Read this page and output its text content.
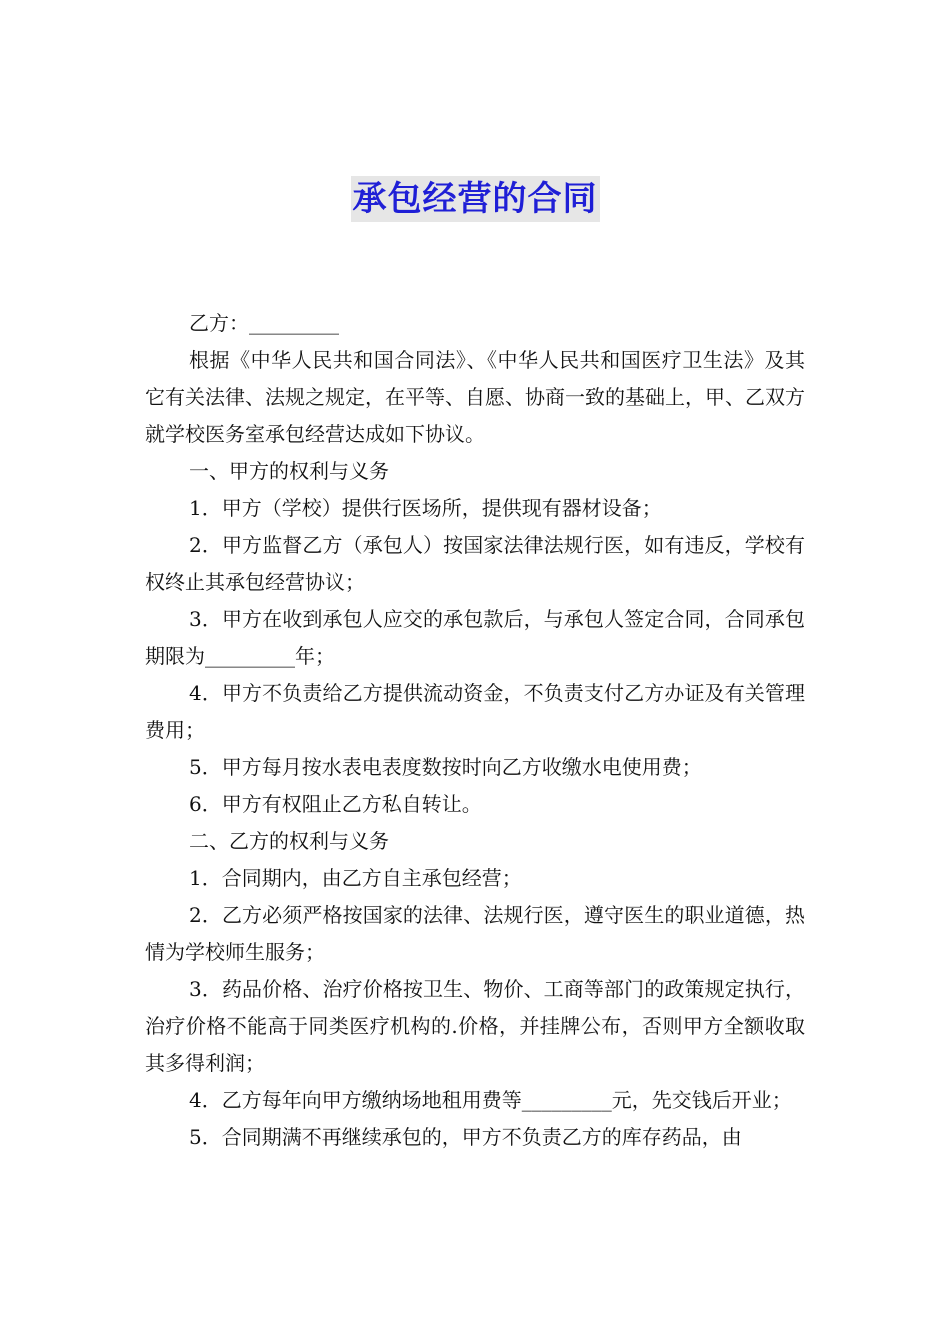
承包经营的合同

乙方：_________

根据《中华人民共和国合同法》、《中华人民共和国医疗卫生法》及其它有关法律、法规之规定，在平等、自愿、协商一致的基础上，甲、乙双方就学校医务室承包经营达成如下协议。

一、甲方的权利与义务

1．甲方（学校）提供行医场所，提供现有器材设备；

2．甲方监督乙方（承包人）按国家法律法规行医，如有违反，学校有权终止其承包经营协议；

3．甲方在收到承包人应交的承包款后，与承包人签定合同，合同承包期限为_________年；

4．甲方不负责给乙方提供流动资金，不负责支付乙方办证及有关管理费用；

5．甲方每月按水表电表度数按时向乙方收缴水电使用费；

6．甲方有权阻止乙方私自转让。

二、乙方的权利与义务

1．合同期内，由乙方自主承包经营；

2．乙方必须严格按国家的法律、法规行医，遵守医生的职业道德，热情为学校师生服务；

3．药品价格、治疗价格按卫生、物价、工商等部门的政策规定执行，治疗价格不能高于同类医疗机构的.价格，并挂牌公布，否则甲方全额收取其多得利润；

4．乙方每年向甲方缴纳场地租用费等_________元，先交钱后开业；

5．合同期满不再继续承包的，甲方不负责乙方的库存药品，由
